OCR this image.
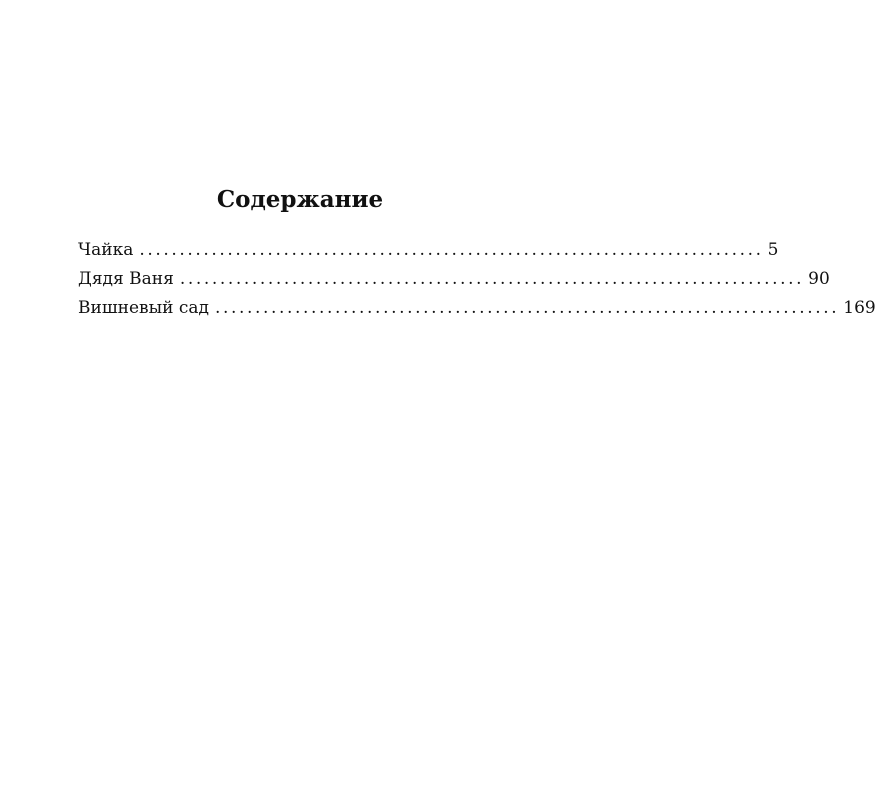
Содержание
Чайка .............................................................................. 5
Дядя Ваня .............................................................................. 90
Вишневый сад .............................................................................. 169
